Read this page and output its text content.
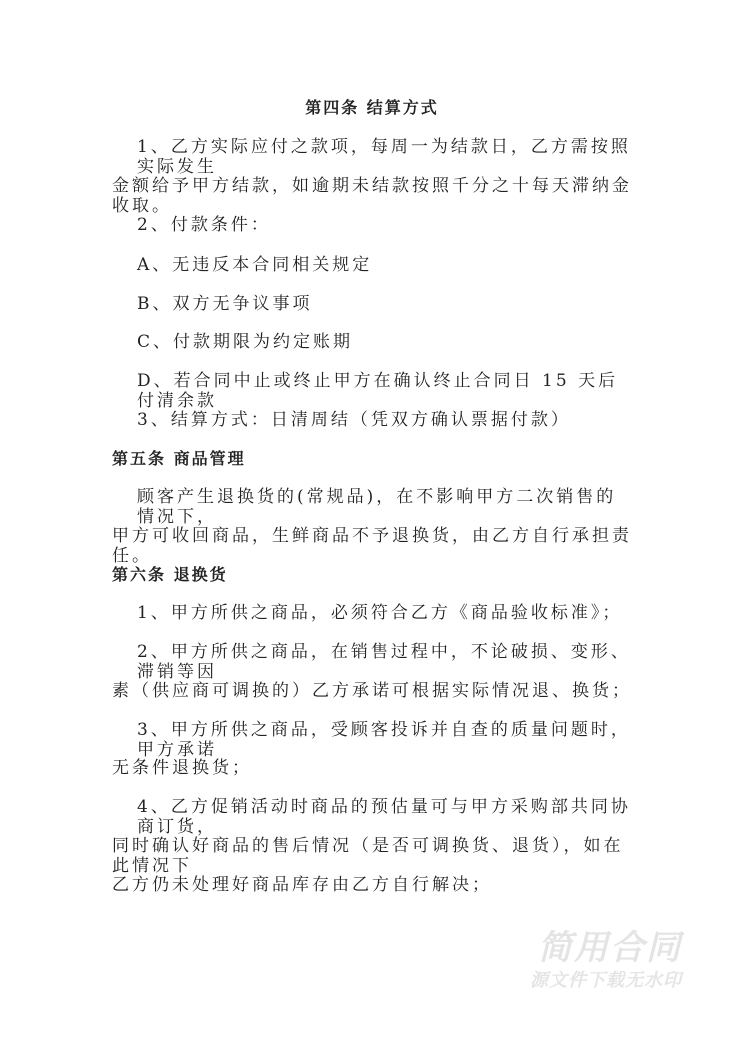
第四条 结算方式
1、乙方实际应付之款项，每周一为结款日，乙方需按照实际发生
金额给予甲方结款，如逾期未结款按照千分之十每天滞纳金收取。
2、付款条件：
A、无违反本合同相关规定
B、双方无争议事项
C、付款期限为约定账期
D、若合同中止或终止甲方在确认终止合同日 15 天后付清余款
3、结算方式：日清周结（凭双方确认票据付款）
第五条 商品管理
顾客产生退换货的(常规品)，在不影响甲方二次销售的情况下，
甲方可收回商品，生鲜商品不予退换货，由乙方自行承担责任。
第六条 退换货
1、甲方所供之商品，必须符合乙方《商品验收标准》；
2、甲方所供之商品，在销售过程中，不论破损、变形、滞销等因
素（供应商可调换的）乙方承诺可根据实际情况退、换货；
3、甲方所供之商品，受顾客投诉并自查的质量问题时，甲方承诺
无条件退换货；
4、乙方促销活动时商品的预估量可与甲方采购部共同协商订货，
同时确认好商品的售后情况（是否可调换货、退货），如在此情况下
乙方仍未处理好商品库存由乙方自行解决；
简用合同
源文件下载无水印
